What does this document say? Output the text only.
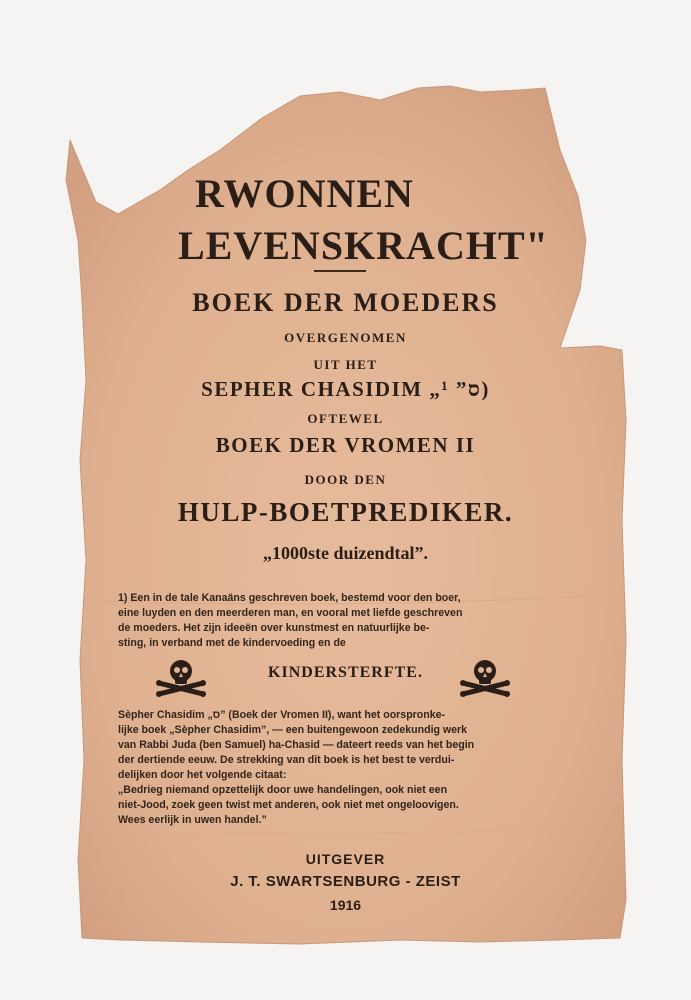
RWONNEN
LEVENSKRACHT"
BOEK DER MOEDERS
OVERGENOMEN
UIT HET
SEPHER CHASIDIM „ס” ¹)
OFTEWEL
BOEK DER VROMEN II
DOOR DEN
HULP-BOETPREDIKER.
„1000ste duizendtal”.
1) Een in de tale Kanaäns geschreven boek, bestemd voor den boer,
eine luyden en den meerderen man, en vooral met liefde geschreven
de moeders. Het zijn ideeën over kunstmest en natuurlijke be-
sting, in verband met de kindervoeding en de
KINDERSTERFTE.
Sèpher Chasidim „ס” (Boek der Vromen II), want het oorspronke-
lijke boek „Sèpher Chasidim”, — een buitengewoon zedekundig werk
van Rabbi Juda (ben Samuel) ha-Chasid — dateert reeds van het begin
der dertiende eeuw. De strekking van dit boek is het best te verdui-
delijken door het volgende citaat:
„Bedrieg niemand opzettelijk door uwe handelingen, ook niet een
niet-Jood, zoek geen twist met anderen, ook niet met ongeloovigen.
Wees eerlijk in uwen handel.”
UITGEVER
J. T. SWARTSENBURG - ZEIST
1916
